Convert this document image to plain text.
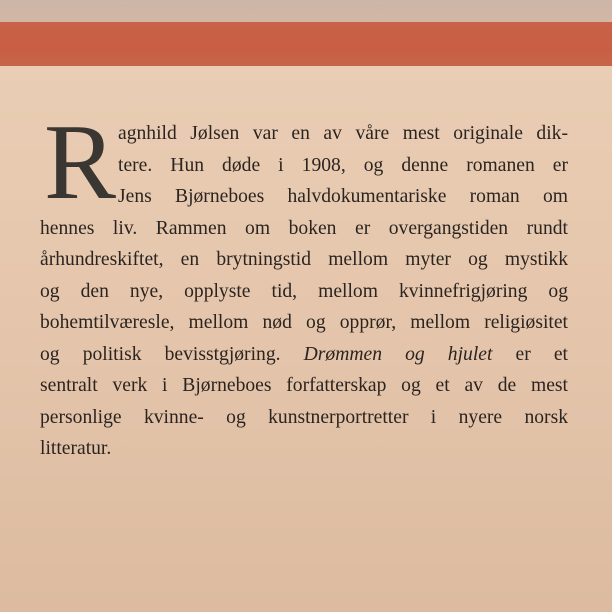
R agnhild Jølsen var en av våre mest originale dik-
tere. Hun døde i 1908, og denne romanen er
Jens Bjørneboes halvdokumentariske roman om
hennes liv. Rammen om boken er overgangstiden rundt
århundreskiftet, en brytningstid mellom myter og mystikk
og den nye, opplyste tid, mellom kvinnefrigjøring og
bohemtilværesle, mellom nød og opprør, mellom religiøsitet
og politisk bevisstgjøring. Drømmen og hjulet er et
sentralt verk i Bjørneboes forfatterskap og et av de mest
personlige kvinne- og kunstnerportretter i nyere norsk
litteratur.
